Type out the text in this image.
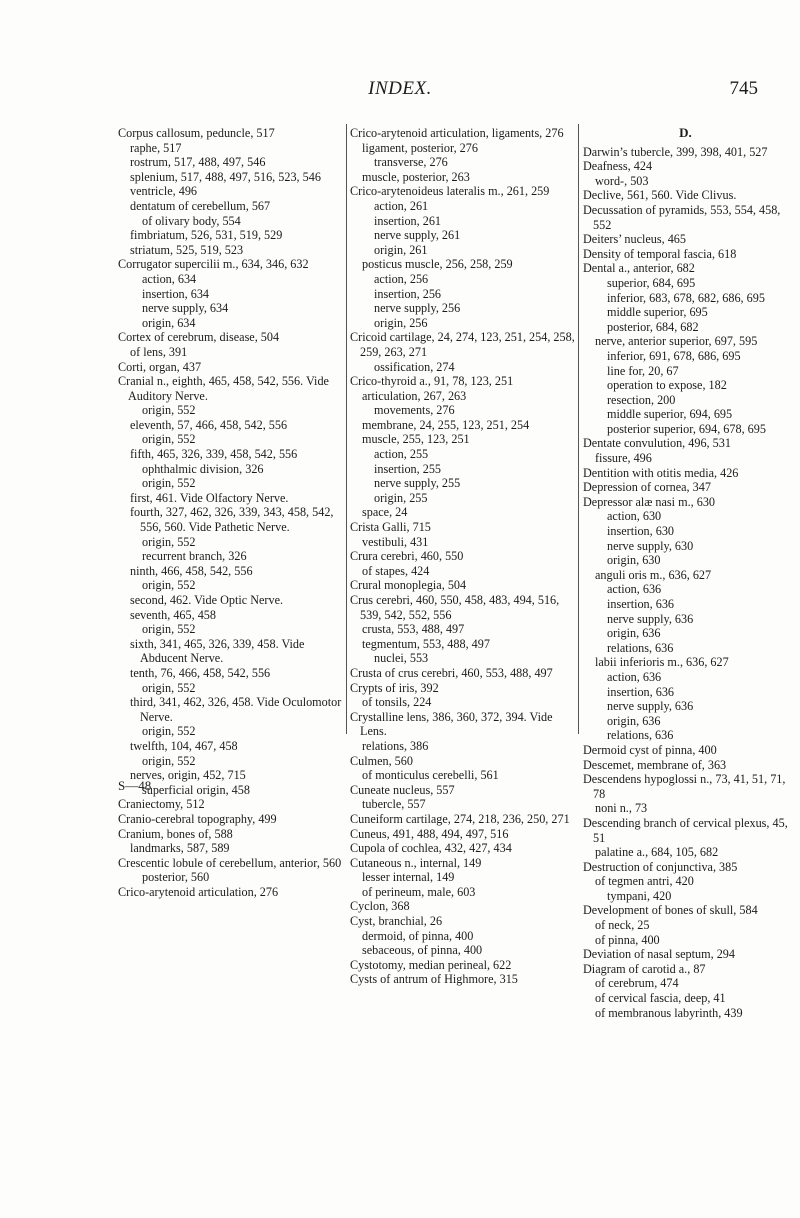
INDEX.	745
Corpus callosum, peduncle, 517
raphe, 517
rostrum, 517, 488, 497, 546
splenium, 517, 488, 497, 516, 523, 546
ventricle, 496
dentatum of cerebellum, 567
of olivary body, 554
fimbriatum, 526, 531, 519, 529
striatum, 525, 519, 523
Corrugator supercilii m., 634, 346, 632
action, 634
insertion, 634
nerve supply, 634
origin, 634
Cortex of cerebrum, disease, 504
of lens, 391
Corti, organ, 437
Cranial n., eighth, 465, 458, 542, 556. Vide Auditory Nerve.
origin, 552
eleventh, 57, 466, 458, 542, 556
origin, 552
fifth, 465, 326, 339, 458, 542, 556
ophthalmic division, 326
origin, 552
first, 461. Vide Olfactory Nerve.
fourth, 327, 462, 326, 339, 343, 458, 542, 556, 560. Vide Pathetic Nerve.
origin, 552
recurrent branch, 326
ninth, 466, 458, 542, 556
origin, 552
second, 462. Vide Optic Nerve.
seventh, 465, 458
origin, 552
sixth, 341, 465, 326, 339, 458. Vide Abducent Nerve.
tenth, 76, 466, 458, 542, 556
origin, 552
third, 341, 462, 326, 458. Vide Oculomotor Nerve.
origin, 552
twelfth, 104, 467, 458
origin, 552
nerves, origin, 452, 715
superficial origin, 458
Craniectomy, 512
Cranio-cerebral topography, 499
Cranium, bones of, 588
landmarks, 587, 589
Crescentic lobule of cerebellum, anterior, 560
posterior, 560
Crico-arytenoid articulation, 276
Crico-arytenoid articulation, ligaments, 276
ligament, posterior, 276
transverse, 276
muscle, posterior, 263
Crico-arytenoideus lateralis m., 261, 259
action, 261
insertion, 261
nerve supply, 261
origin, 261
posticus muscle, 256, 258, 259
action, 256
insertion, 256
nerve supply, 256
origin, 256
Cricoid cartilage, 24, 274, 123, 251, 254, 258, 259, 263, 271
ossification, 274
Crico-thyroid a., 91, 78, 123, 251
articulation, 267, 263
movements, 276
membrane, 24, 255, 123, 251, 254
muscle, 255, 123, 251
action, 255
insertion, 255
nerve supply, 255
origin, 255
space, 24
Crista Galli, 715
vestibuli, 431
Crura cerebri, 460, 550
of stapes, 424
Crural monoplegia, 504
Crus cerebri, 460, 550, 458, 483, 494, 516, 539, 542, 552, 556
crusta, 553, 488, 497
tegmentum, 553, 488, 497
nuclei, 553
Crusta of crus cerebri, 460, 553, 488, 497
Crypts of iris, 392
of tonsils, 224
Crystalline lens, 386, 360, 372, 394. Vide Lens.
relations, 386
Culmen, 560
of monticulus cerebelli, 561
Cuneate nucleus, 557
tubercle, 557
Cuneiform cartilage, 274, 218, 236, 250, 271
Cuneus, 491, 488, 494, 497, 516
Cupola of cochlea, 432, 427, 434
Cutaneous n., internal, 149
lesser internal, 149
of perineum, male, 603
Cyclon, 368
Cyst, branchial, 26
dermoid, of pinna, 400
sebaceous, of pinna, 400
Cystotomy, median perineal, 622
Cysts of antrum of Highmore, 315
D.
Darwin’s tubercle, 399, 398, 401, 527
Deafness, 424
word-, 503
Declive, 561, 560. Vide Clivus.
Decussation of pyramids, 553, 554, 458, 552
Deiters’ nucleus, 465
Density of temporal fascia, 618
Dental a., anterior, 682
superior, 684, 695
inferior, 683, 678, 682, 686, 695
middle superior, 695
posterior, 684, 682
nerve, anterior superior, 697, 595
inferior, 691, 678, 686, 695
line for, 20, 67
operation to expose, 182
resection, 200
middle superior, 694, 695
posterior superior, 694, 678, 695
Dentate convulution, 496, 531
fissure, 496
Dentition with otitis media, 426
Depression of cornea, 347
Depressor alæ nasi m., 630
action, 630
insertion, 630
nerve supply, 630
origin, 630
anguli oris m., 636, 627
action, 636
insertion, 636
nerve supply, 636
origin, 636
relations, 636
labii inferioris m., 636, 627
action, 636
insertion, 636
nerve supply, 636
origin, 636
relations, 636
Dermoid cyst of pinna, 400
Descemet, membrane of, 363
Descendens hypoglossi n., 73, 41, 51, 71, 78
noni n., 73
Descending branch of cervical plexus, 45, 51
palatine a., 684, 105, 682
Destruction of conjunctiva, 385
of tegmen antri, 420
tympani, 420
Development of bones of skull, 584
of neck, 25
of pinna, 400
Deviation of nasal septum, 294
Diagram of carotid a., 87
of cerebrum, 474
of cervical fascia, deep, 41
of membranous labyrinth, 439
S—48
